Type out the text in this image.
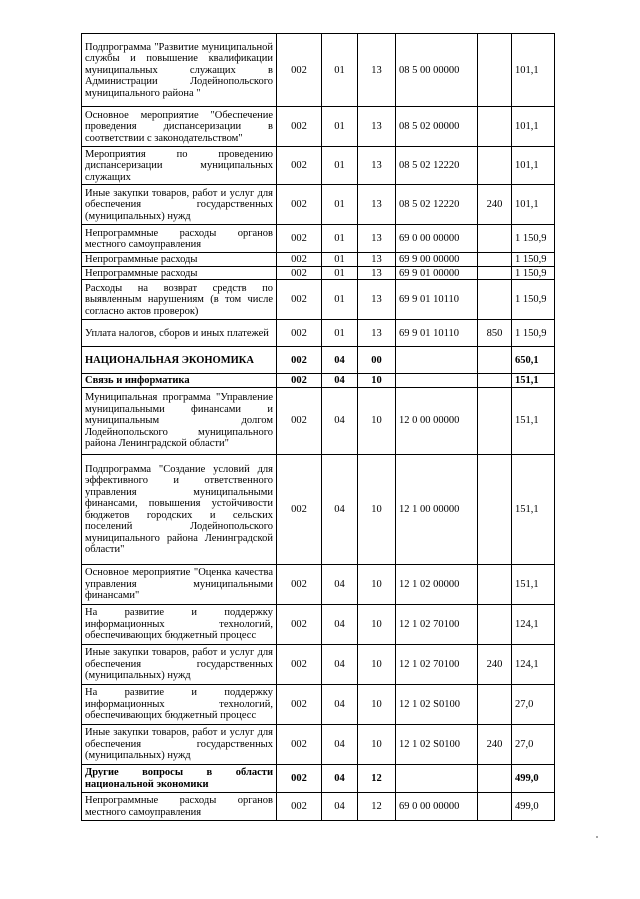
Подпрограмма "Развитие муниципальной службы и повышение квалификации муниципальных служащих в Администрации Лодейнопольского муниципального района "	002	01	13	08 5 00 00000		101,1
Основное мероприятие "Обеспечение проведения диспансеризации в соответствии с законодательством"	002	01	13	08 5 02 00000		101,1
Мероприятия по проведению диспансеризации муниципальных служащих	002	01	13	08 5 02 12220		101,1
Иные закупки товаров, работ и услуг для обеспечения государственных (муниципальных) нужд	002	01	13	08 5 02 12220	240	101,1
Непрограммные расходы органов местного самоуправления	002	01	13	69 0 00 00000		1 150,9
Непрограммные расходы	002	01	13	69 9 00 00000		1 150,9
Непрограммные расходы	002	01	13	69 9 01 00000		1 150,9
Расходы на возврат средств по выявленным нарушениям (в том числе согласно актов проверок)	002	01	13	69 9 01 10110		1 150,9
Уплата налогов, сборов и иных платежей	002	01	13	69 9 01 10110	850	1 150,9
НАЦИОНАЛЬНАЯ ЭКОНОМИКА	002	04	00			650,1
Связь и информатика	002	04	10			151,1
Муниципальная программа "Управление муниципальными финансами и муниципальным долгом Лодейнопольского муниципального района Ленинградской области"	002	04	10	12 0 00 00000		151,1
Подпрограмма "Создание условий для эффективного и ответственного управления муниципальными финансами, повышения устойчивости бюджетов городских и сельских поселений Лодейнопольского муниципального района Ленинградской области"	002	04	10	12 1 00 00000		151,1
Основное мероприятие "Оценка качества управления муниципальными финансами"	002	04	10	12 1 02 00000		151,1
На развитие и поддержку информационных технологий, обеспечивающих бюджетный процесс	002	04	10	12 1 02 70100		124,1
Иные закупки товаров, работ и услуг для обеспечения государственных (муниципальных) нужд	002	04	10	12 1 02 70100	240	124,1
На развитие и поддержку информационных технологий, обеспечивающих бюджетный процесс	002	04	10	12 1 02 S0100		27,0
Иные закупки товаров, работ и услуг для обеспечения государственных (муниципальных) нужд	002	04	10	12 1 02 S0100	240	27,0
Другие вопросы в области национальной экономики	002	04	12			499,0
Непрограммные расходы органов местного самоуправления	002	04	12	69 0 00 00000		499,0
